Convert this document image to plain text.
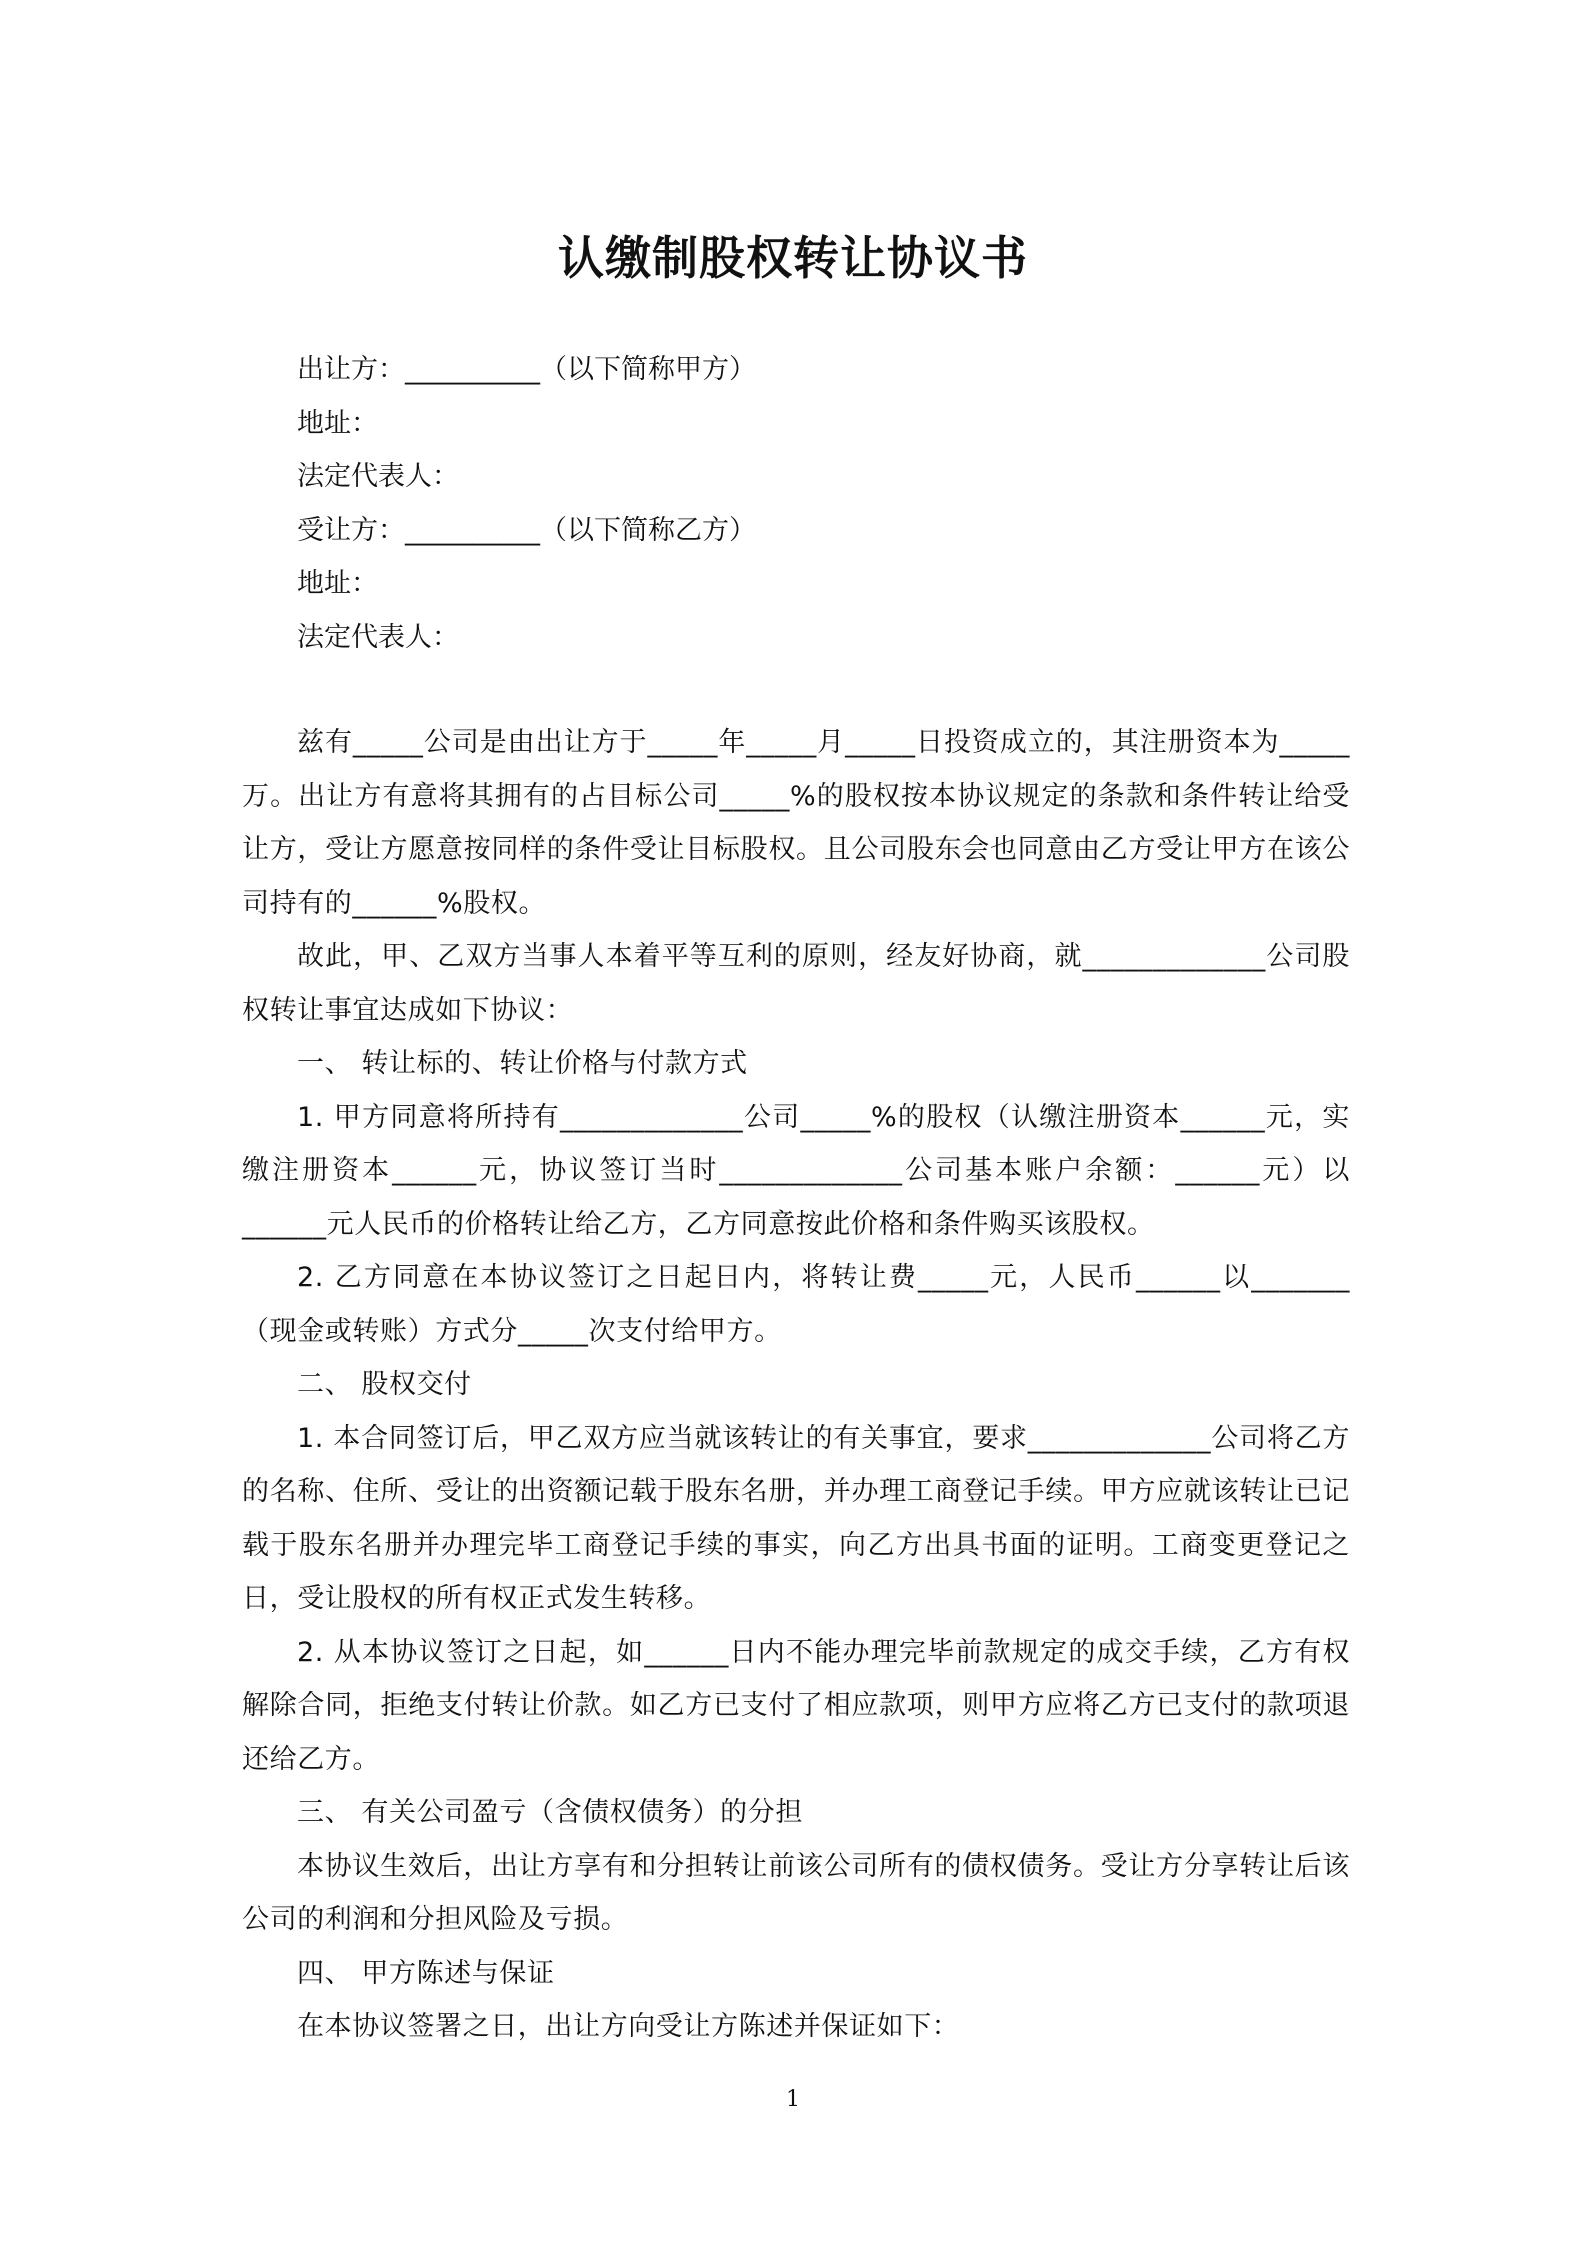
认缴制股权转让协议书
出让方：__________（以下简称甲方）
地址：
法定代表人：
受让方：__________（以下简称乙方）
地址：
法定代表人：

兹有_____公司是由出让方于_____年_____月_____日投资成立的，其注册资本为_____万。出让方有意将其拥有的占目标公司_____%的股权按本协议规定的条款和条件转让给受让方，受让方愿意按同样的条件受让目标股权。且公司股东会也同意由乙方受让甲方在该公司持有的______%股权。

故此，甲、乙双方当事人本着平等互利的原则，经友好协商，就_____________公司股权转让事宜达成如下协议：

一、 转让标的、转让价格与付款方式

1. 甲方同意将所持有_____________公司_____%的股权（认缴注册资本______元，实缴注册资本______元，协议签订当时_____________公司基本账户余额：______元）以______元人民币的价格转让给乙方，乙方同意按此价格和条件购买该股权。

2. 乙方同意在本协议签订之日起日内，将转让费_____元，人民币______以_______（现金或转账）方式分_____次支付给甲方。

二、 股权交付

1. 本合同签订后，甲乙双方应当就该转让的有关事宜，要求_____________公司将乙方的名称、住所、受让的出资额记载于股东名册，并办理工商登记手续。甲方应就该转让已记载于股东名册并办理完毕工商登记手续的事实，向乙方出具书面的证明。工商变更登记之日，受让股权的所有权正式发生转移。

2. 从本协议签订之日起，如______日内不能办理完毕前款规定的成交手续，乙方有权解除合同，拒绝支付转让价款。如乙方已支付了相应款项，则甲方应将乙方已支付的款项退还给乙方。

三、 有关公司盈亏（含债权债务）的分担

本协议生效后，出让方享有和分担转让前该公司所有的债权债务。受让方分享转让后该公司的利润和分担风险及亏损。

四、 甲方陈述与保证

在本协议签署之日，出让方向受让方陈述并保证如下：

1
